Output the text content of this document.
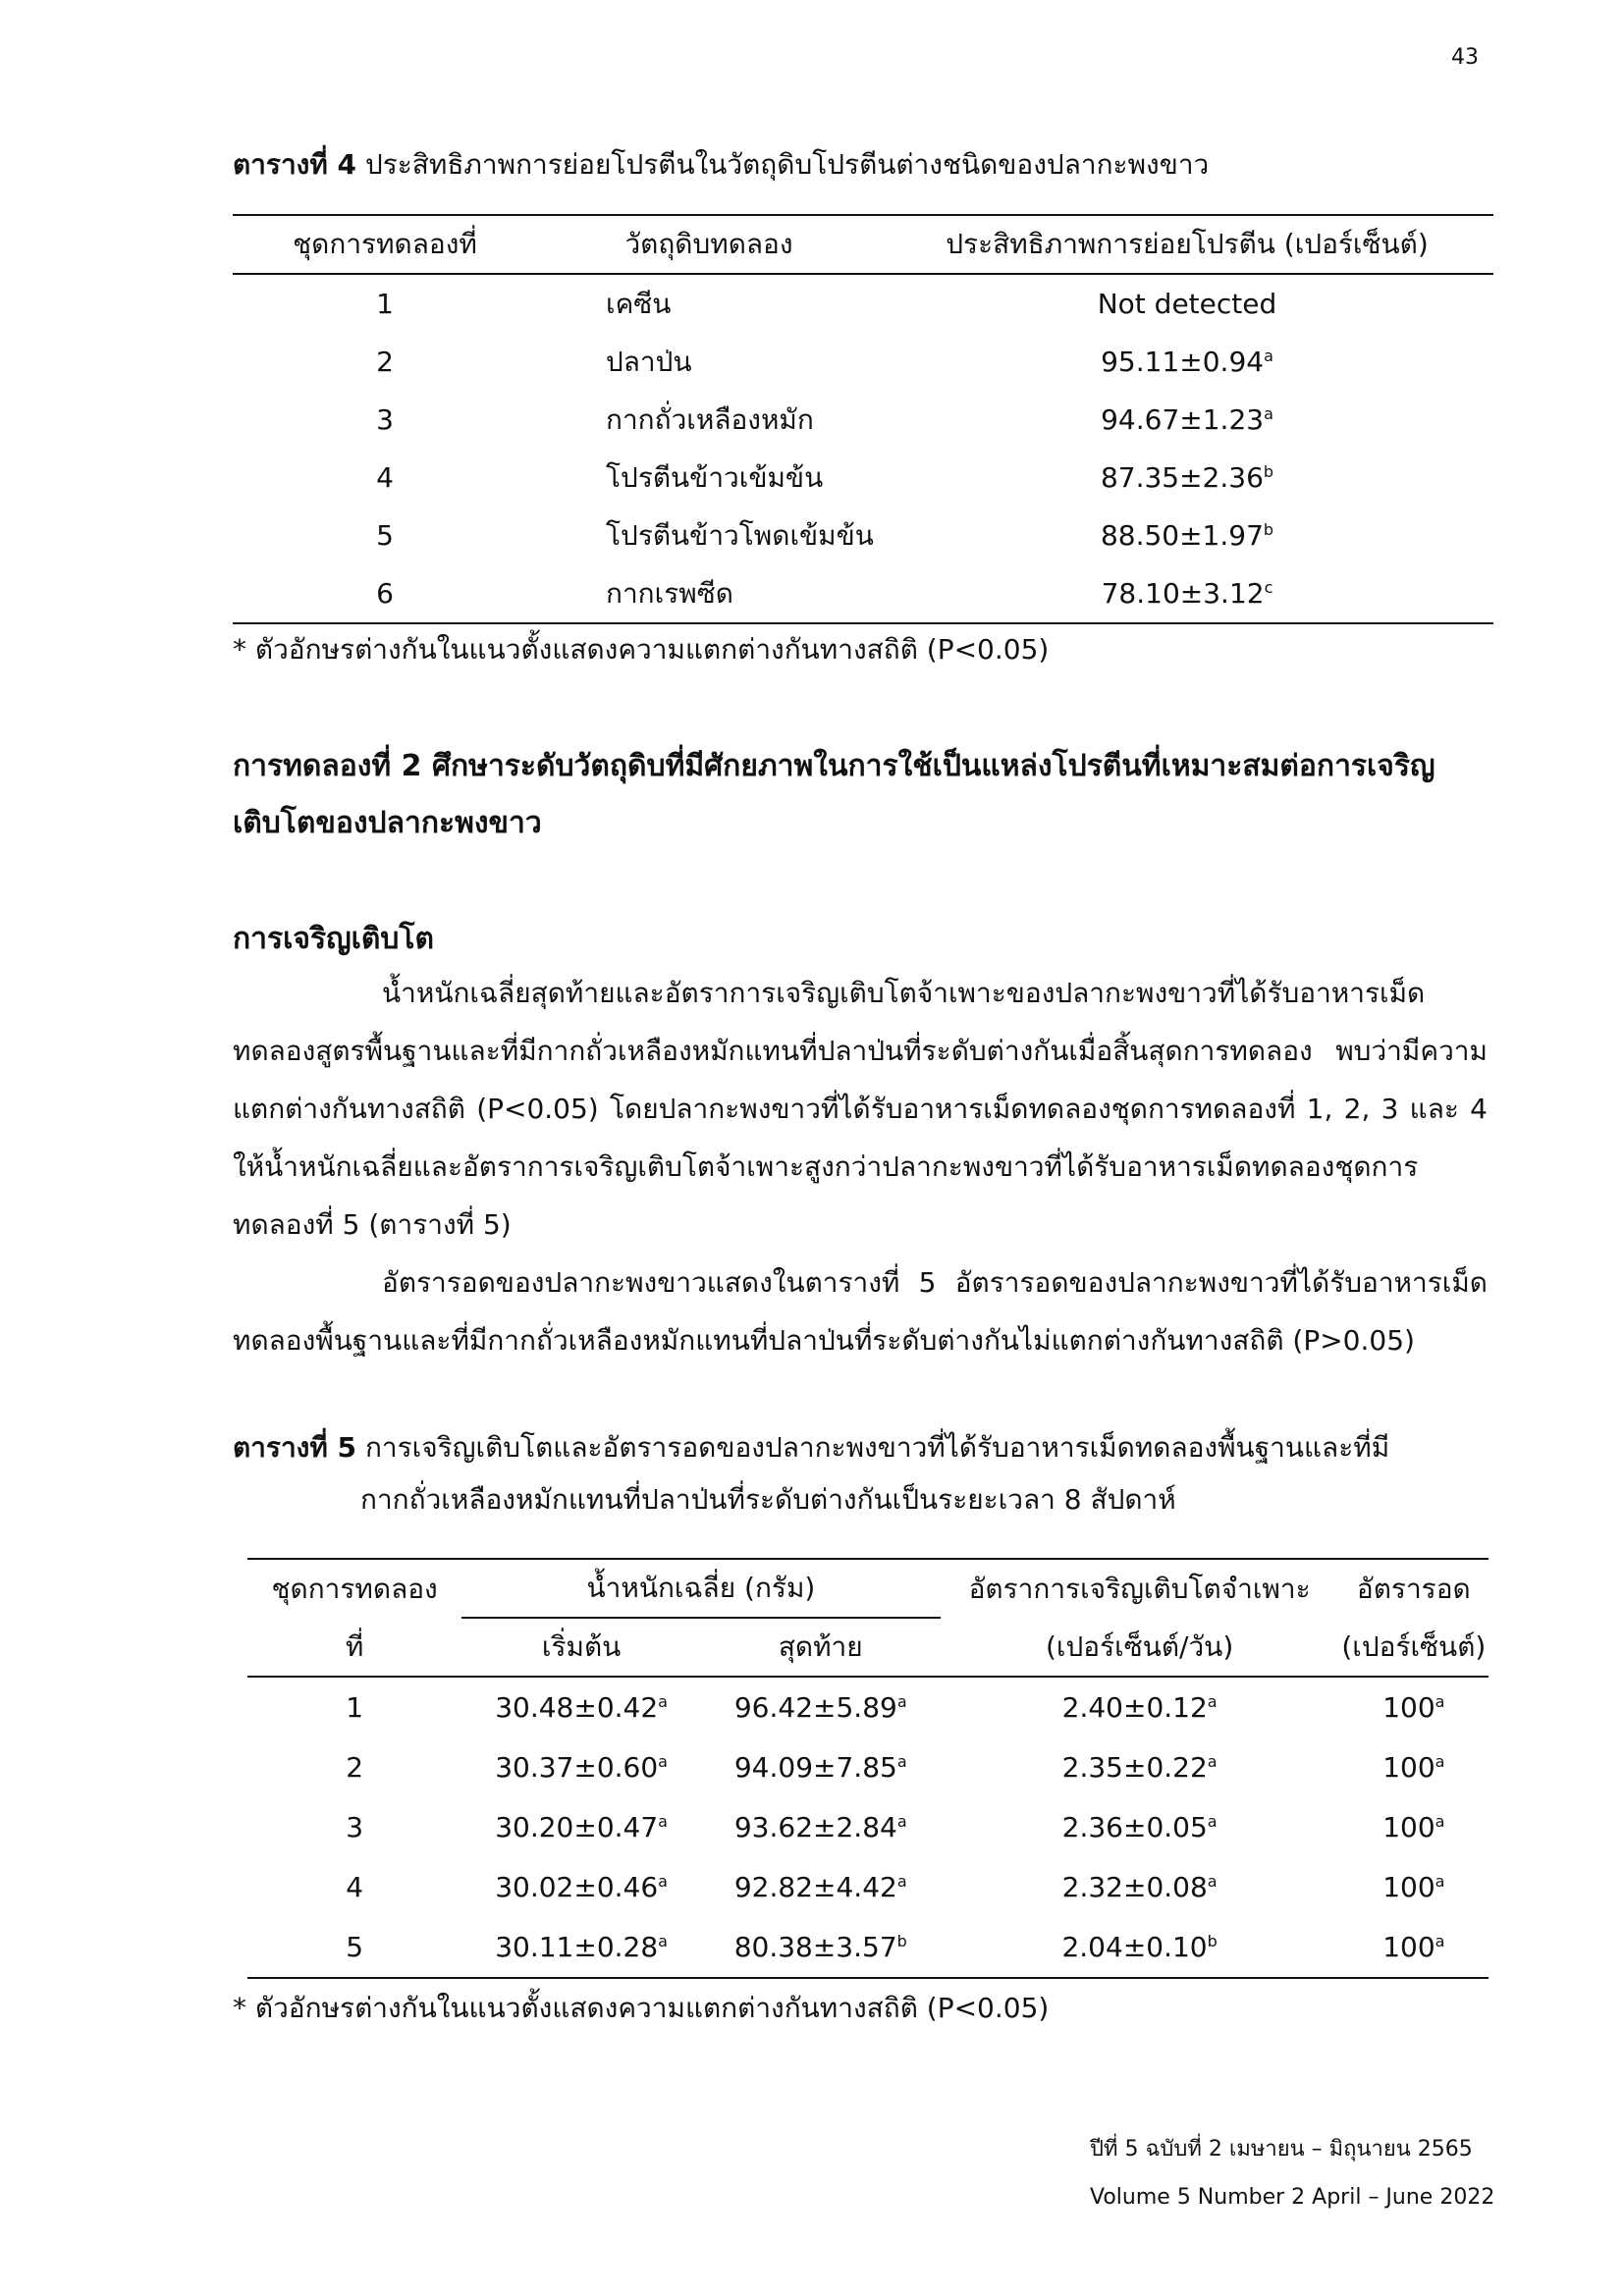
43
ตารางที่ 4 ประสิทธิภาพการย่อยโปรตีนในวัตถุดิบโปรตีนต่างชนิดของปลากะพงขาว
ชุดการทดลองที่	วัตถุดิบทดลอง	ประสิทธิภาพการย่อยโปรตีน (เปอร์เซ็นต์)
1	เคซีน	Not detected
2	ปลาป่น	95.11±0.94$^a$
3	กากถั่วเหลืองหมัก	94.67±1.23$^a$
4	โปรตีนข้าวเข้มข้น	87.35±2.36$^b$
5	โปรตีนข้าวโพดเข้มข้น	88.50±1.97$^b$
6	กากเรพซีด	78.10±3.12$^c$
* ตัวอักษรต่างกันในแนวตั้งแสดงความแตกต่างกันทางสถิติ (P<0.05)
การทดลองที่ 2 ศึกษาระดับวัตถุดิบที่มีศักยภาพในการใช้เป็นแหล่งโปรตีนที่เหมาะสมต่อการเจริญเติบโตของปลากะพงขาว
การเจริญเติบโต
น้ำหนักเฉลี่ยสุดท้ายและอัตราการเจริญเติบโตจ้าเพาะของปลากะพงขาวที่ได้รับอาหารเม็ดทดลองสูตรพื้นฐานและที่มีกากถั่วเหลืองหมักแทนที่ปลาป่นที่ระดับต่างกันเมื่อสิ้นสุดการทดลอง พบว่ามีความแตกต่างกันทางสถิติ (P<0.05) โดยปลากะพงขาวที่ได้รับอาหารเม็ดทดลองชุดการทดลองที่ 1, 2, 3 และ 4 ให้น้ำหนักเฉลี่ยและอัตราการเจริญเติบโตจ้าเพาะสูงกว่าปลากะพงขาวที่ได้รับอาหารเม็ดทดลองชุดการทดลองที่ 5 (ตารางที่ 5)
อัตรารอดของปลากะพงขาวแสดงในตารางที่ 5 อัตรารอดของปลากะพงขาวที่ได้รับอาหารเม็ดทดลองพื้นฐานและที่มีกากถั่วเหลืองหมักแทนที่ปลาป่นที่ระดับต่างกันไม่แตกต่างกันทางสถิติ (P>0.05)
ตารางที่ 5 การเจริญเติบโตและอัตรารอดของปลากะพงขาวที่ได้รับอาหารเม็ดทดลองพื้นฐานและที่มี
กากถั่วเหลืองหมักแทนที่ปลาป่นที่ระดับต่างกันเป็นระยะเวลา 8 สัปดาห์
ชุดการทดลอง	น้ำหนักเฉลี่ย (กรัม)		อัตราการเจริญเติบโตจำเพาะ	อัตรารอด
ที่	เริ่มต้น	สุดท้าย	(เปอร์เซ็นต์/วัน)	(เปอร์เซ็นต์)
1	30.48±0.42$^a$	96.42±5.89$^a$	2.40±0.12$^a$	100$^a$
2	30.37±0.60$^a$	94.09±7.85$^a$	2.35±0.22$^a$	100$^a$
3	30.20±0.47$^a$	93.62±2.84$^a$	2.36±0.05$^a$	100$^a$
4	30.02±0.46$^a$	92.82±4.42$^a$	2.32±0.08$^a$	100$^a$
5	30.11±0.28$^a$	80.38±3.57$^b$	2.04±0.10$^b$	100$^a$
* ตัวอักษรต่างกันในแนวตั้งแสดงความแตกต่างกันทางสถิติ (P<0.05)
ปีที่ 5 ฉบับที่ 2 เมษายน – มิถุนายน 2565
Volume 5 Number 2 April – June 2022
